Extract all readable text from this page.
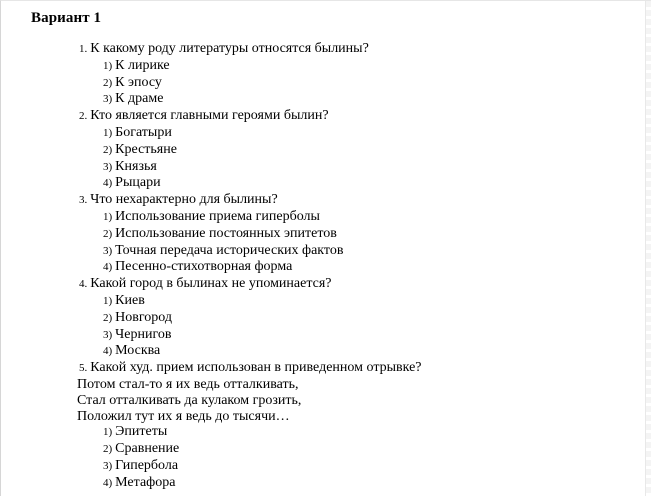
Вариант 1
1. К какому роду литературы относятся былины?
1) К лирике
2) К эпосу
3) К драме
2. Кто является главными героями былин?
1) Богатыри
2) Крестьяне
3) Князья
4) Рыцари
3. Что нехарактерно для былины?
1) Использование приема гиперболы
2) Использование постоянных эпитетов
3) Точная передача исторических фактов
4) Песенно-стихотворная форма
4. Какой город в былинах не упоминается?
1) Киев
2) Новгород
3) Чернигов
4) Москва
5. Какой худ. прием использован в приведенном отрывке?
Потом стал-то я их ведь отталкивать,
Стал отталкивать да кулаком грозить,
Положил тут их я ведь до тысячи…
1) Эпитеты
2) Сравнение
3) Гипербола
4) Метафора
